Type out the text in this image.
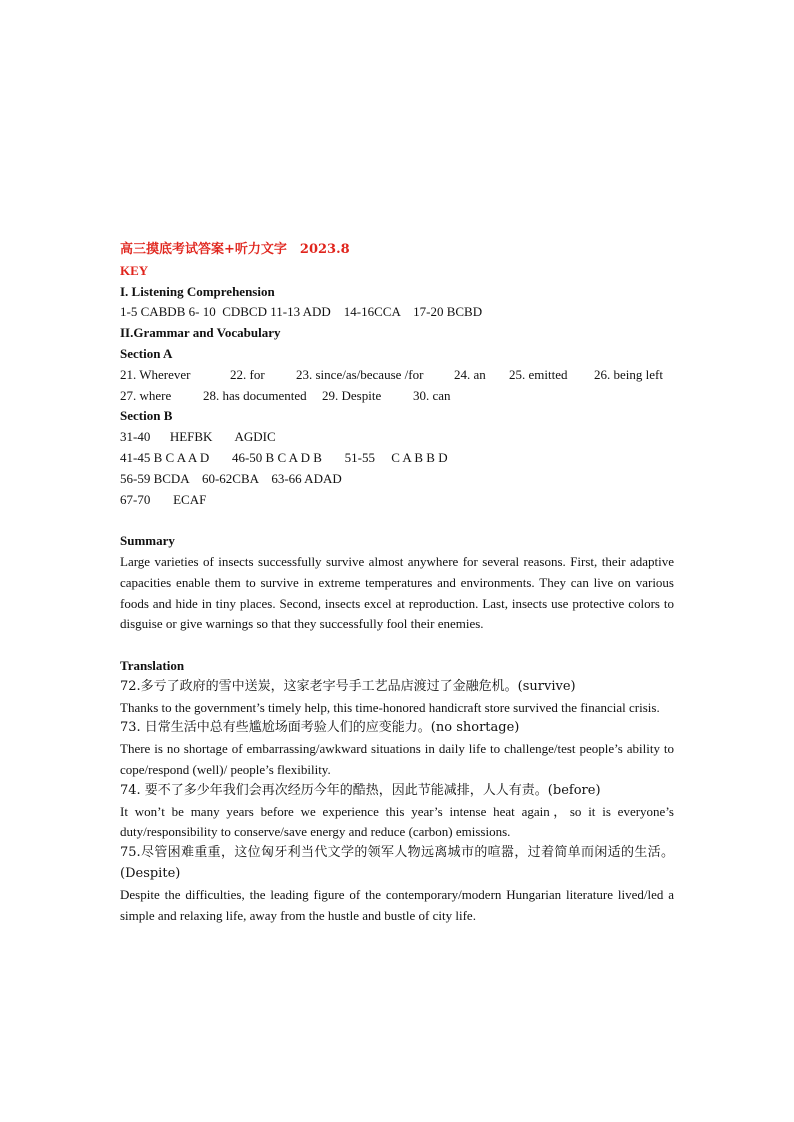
高三摸底考试答案+听力文字　2023.8
KEY
I. Listening Comprehension
1-5 CABDB 6- 10  CDBCD 11-13 ADD    14-16CCA    17-20 BCBD
II.Grammar and Vocabulary
Section A
21. Wherever	22. for 23. since/as/because /for 24. an 25. emitted 26. being left
27. where 28. has documented 29. Despite 30. can
Section B
31-40      HEFBK       AGDIC
41-45 B C A A D       46-50 B C A D B       51-55     C A B B D
56-59 BCDA    60-62CBA    63-66 ADAD
67-70       ECAF
Summary
Large varieties of insects successfully survive almost anywhere for several reasons. First, their adaptive capacities enable them to survive in extreme temperatures and environments. They can live on various foods and hide in tiny places. Second, insects excel at reproduction. Last, insects use protective colors to disguise or give warnings so that they successfully fool their enemies.
Translation
72.多亏了政府的雪中送炭，这家老字号手工艺品店渡过了金融危机。(survive)
Thanks to the government’s timely help, this time-honored handicraft store survived the financial crisis.
73. 日常生活中总有些尴尬场面考验人们的应变能力。(no shortage)
There is no shortage of embarrassing/awkward situations in daily life to challenge/test people’s ability to cope/respond (well)/ people’s flexibility.
74. 要不了多少年我们会再次经历今年的酷热，因此节能减排，人人有责。(before)
It won’t be many years before we experience this year’s intense heat again，so it is everyone’s duty/responsibility to conserve/save energy and reduce (carbon) emissions.
75.尽管困难重重，这位匈牙利当代文学的领军人物远离城市的喧嚣，过着简单而闲适的生活。(Despite)
Despite the difficulties, the leading figure of the contemporary/modern Hungarian literature lived/led a simple and relaxing life, away from the hustle and bustle of city life.
